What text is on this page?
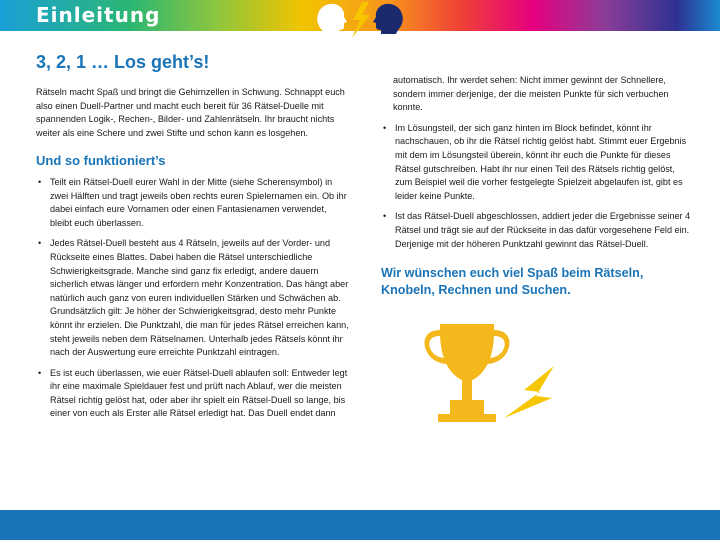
Einleitung
3, 2, 1 … Los geht’s!

Rätseln macht Spaß und bringt die Gehirnzellen in Schwung. Schnappt euch also einen Duell-Partner und macht euch bereit für 36 Rätsel-Duelle mit spannenden Logik-, Rechen-, Bilder- und Zahlenrätseln. Ihr braucht nichts weiter als eine Schere und zwei Stifte und schon kann es losgehen.

Und so funktioniert’s
• Teilt ein Rätsel-Duell eurer Wahl in der Mitte (siehe Scherensymbol) in zwei Hälften und tragt jeweils oben rechts euren Spielernamen ein. Ob ihr dabei einfach eure Vornamen oder einen Fantasienamen verwendet, bleibt euch überlassen.
• Jedes Rätsel-Duell besteht aus 4 Rätseln, jeweils auf der Vorder- und Rückseite eines Blattes. Dabei haben die Rätsel unterschiedliche Schwierigkeitsgrade. Manche sind ganz fix erledigt, andere dauern sicherlich etwas länger und erfordern mehr Konzentration. Das hängt aber natürlich auch ganz von euren individuellen Stärken und Schwächen ab. Grundsätzlich gilt: Je höher der Schwierigkeitsgrad, desto mehr Punkte könnt ihr erzielen. Die Punktzahl, die man für jedes Rätsel erreichen kann, steht jeweils neben dem Rätselnamen. Unterhalb jedes Rätsels könnt ihr nach der Auswertung eure erreichte Punktzahl eintragen.
• Es ist euch überlassen, wie euer Rätsel-Duell ablaufen soll: Entweder legt ihr eine maximale Spieldauer fest und prüft nach Ablauf, wer die meisten Rätsel richtig gelöst hat, oder aber ihr spielt ein Rätsel-Duell so lange, bis einer von euch als Erster alle Rätsel erledigt hat. Das Duell endet dann

automatisch. Ihr werdet sehen: Nicht immer gewinnt der Schnellere, sondern immer derjenige, der die meisten Punkte für sich verbuchen konnte.

• Im Lösungsteil, der sich ganz hinten im Block befindet, könnt ihr nachschauen, ob ihr die Rätsel richtig gelöst habt. Stimmt euer Ergebnis mit dem im Lösungsteil überein, könnt ihr euch die Punkte für dieses Rätsel gutschreiben. Habt ihr nur einen Teil des Rätsels richtig gelöst, zum Beispiel weil die vorher festgelegte Spielzeit abgelaufen ist, gibt es leider keine Punkte.
• Ist das Rätsel-Duell abgeschlossen, addiert jeder die Ergebnisse seiner 4 Rätsel und trägt sie auf der Rückseite in das dafür vorgesehene Feld ein. Derjenige mit der höheren Punktzahl gewinnt das Rätsel-Duell.

Wir wünschen euch viel Spaß beim Rätseln, Knobeln, Rechnen und Suchen.
